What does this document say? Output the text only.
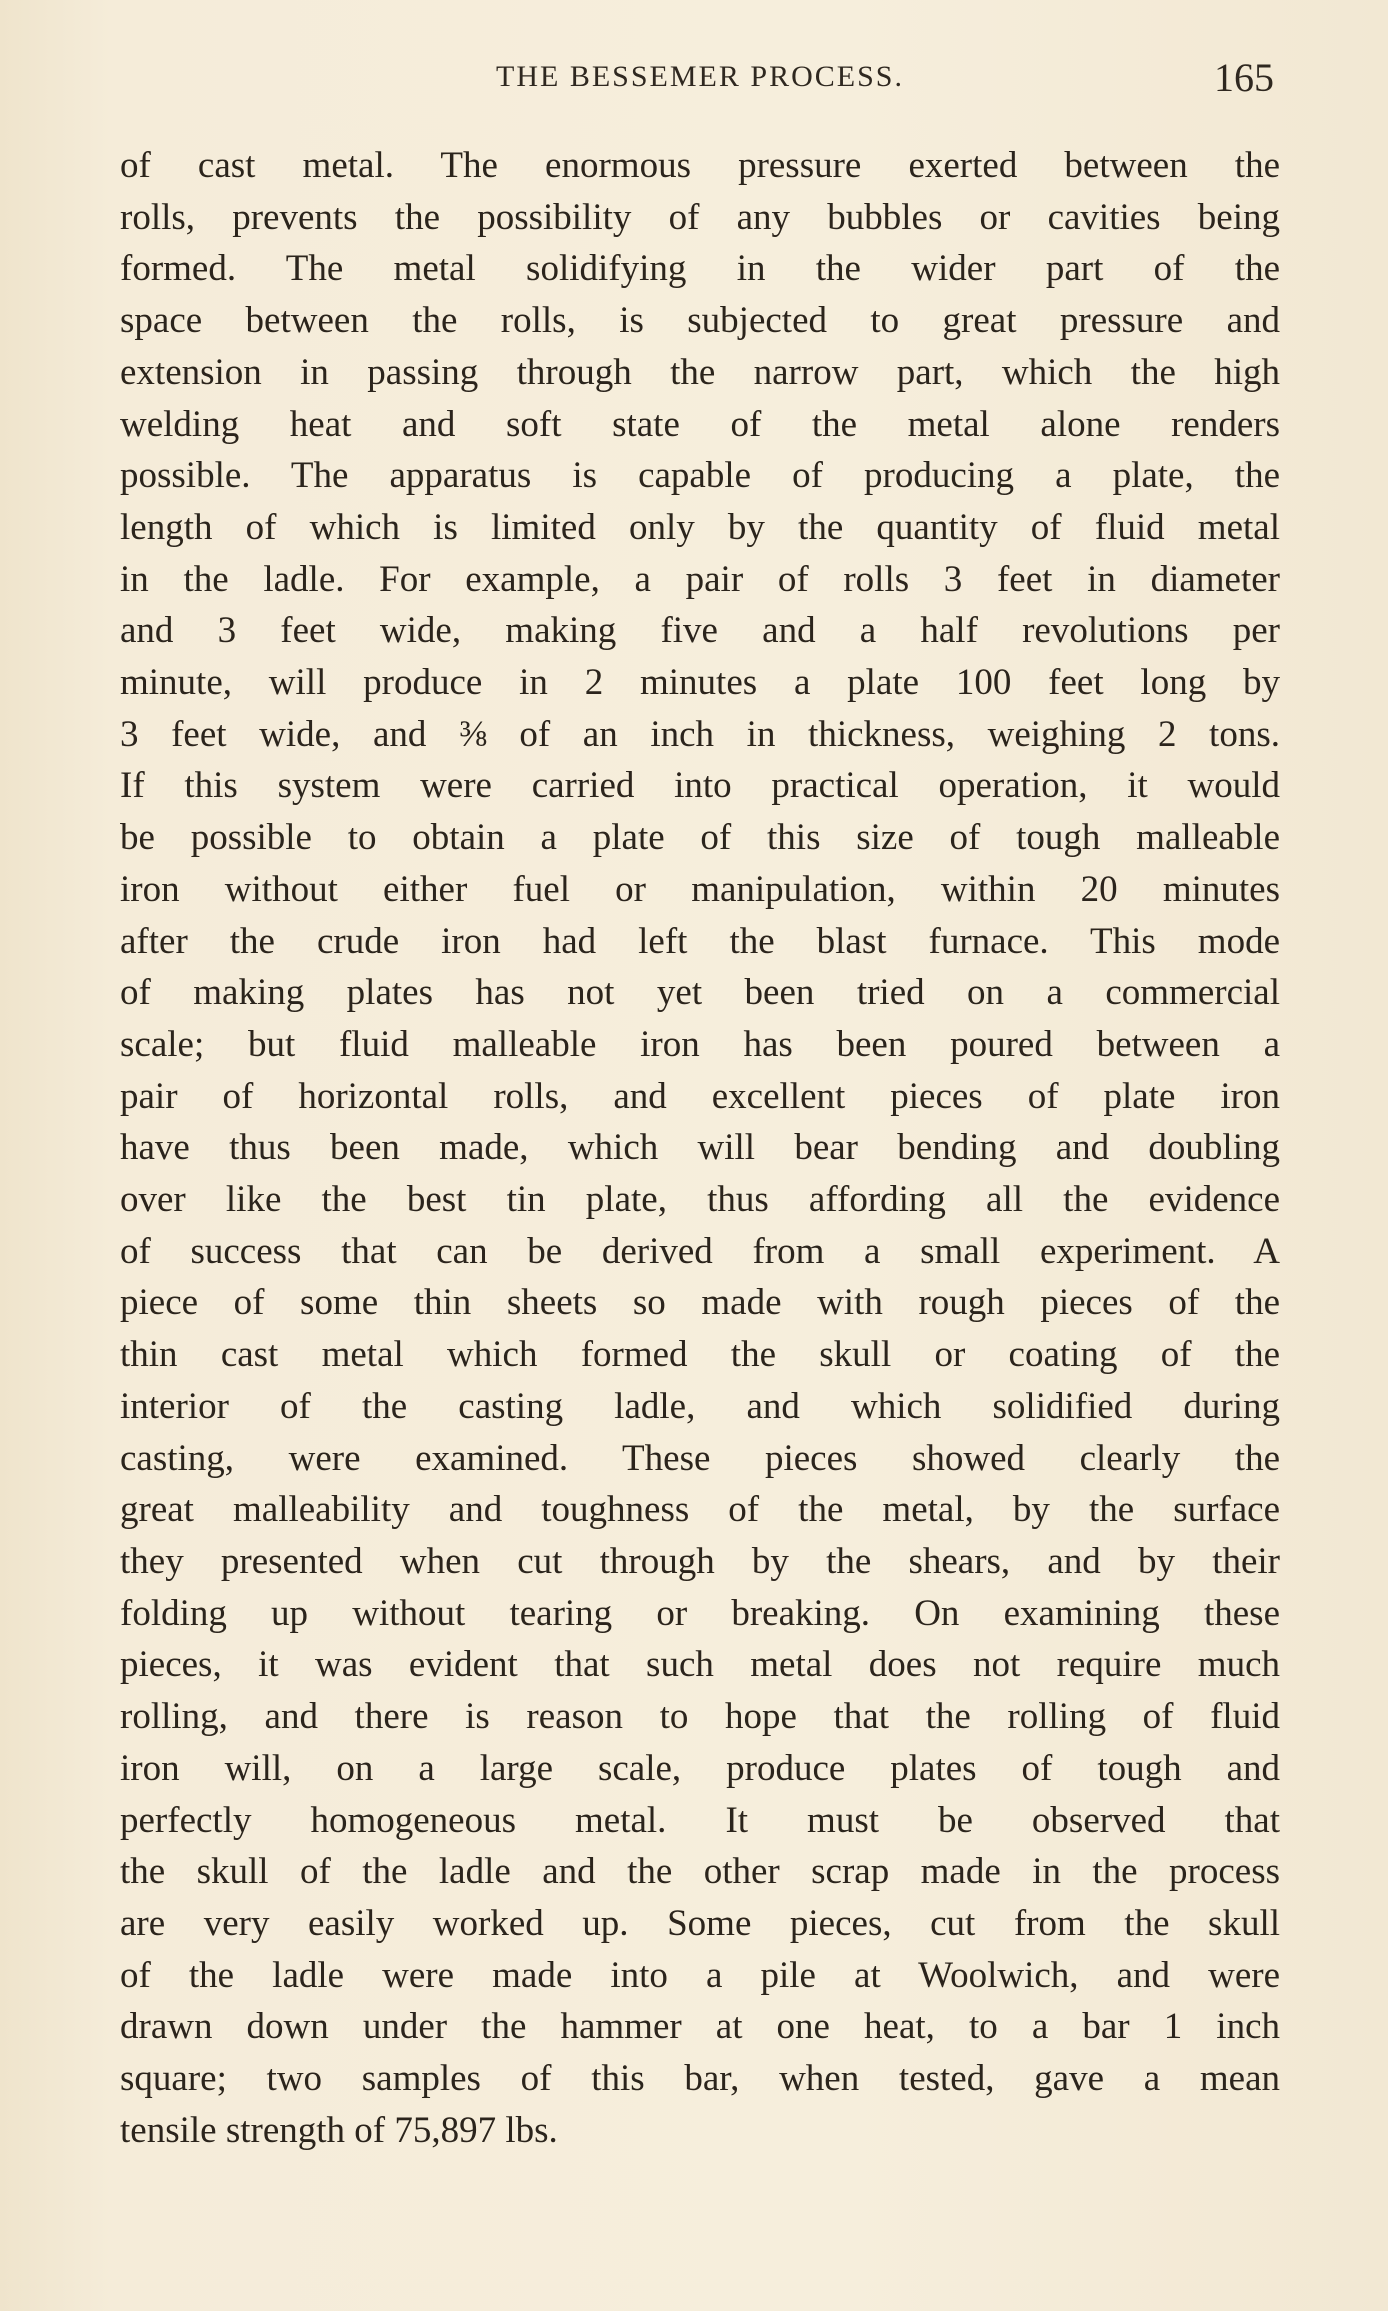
THE BESSEMER PROCESS.	165
of cast metal. The enormous pressure exerted between the
rolls, prevents the possibility of any bubbles or cavities being
formed. The metal solidifying in the wider part of the
space between the rolls, is subjected to great pressure and
extension in passing through the narrow part, which the high
welding heat and soft state of the metal alone renders
possible. The apparatus is capable of producing a plate, the
length of which is limited only by the quantity of fluid metal
in the ladle. For example, a pair of rolls 3 feet in diameter
and 3 feet wide, making five and a half revolutions per
minute, will produce in 2 minutes a plate 100 feet long by
3 feet wide, and ⅜ of an inch in thickness, weighing 2 tons.
If this system were carried into practical operation, it would
be possible to obtain a plate of this size of tough malleable
iron without either fuel or manipulation, within 20 minutes
after the crude iron had left the blast furnace. This mode
of making plates has not yet been tried on a commercial
scale; but fluid malleable iron has been poured between a
pair of horizontal rolls, and excellent pieces of plate iron
have thus been made, which will bear bending and doubling
over like the best tin plate, thus affording all the evidence
of success that can be derived from a small experiment. A
piece of some thin sheets so made with rough pieces of the
thin cast metal which formed the skull or coating of the
interior of the casting ladle, and which solidified during
casting, were examined. These pieces showed clearly the
great malleability and toughness of the metal, by the surface
they presented when cut through by the shears, and by their
folding up without tearing or breaking. On examining these
pieces, it was evident that such metal does not require much
rolling, and there is reason to hope that the rolling of fluid
iron will, on a large scale, produce plates of tough and
perfectly homogeneous metal. It must be observed that
the skull of the ladle and the other scrap made in the process
are very easily worked up. Some pieces, cut from the skull
of the ladle were made into a pile at Woolwich, and were
drawn down under the hammer at one heat, to a bar 1 inch
square; two samples of this bar, when tested, gave a mean
tensile strength of 75,897 lbs.
